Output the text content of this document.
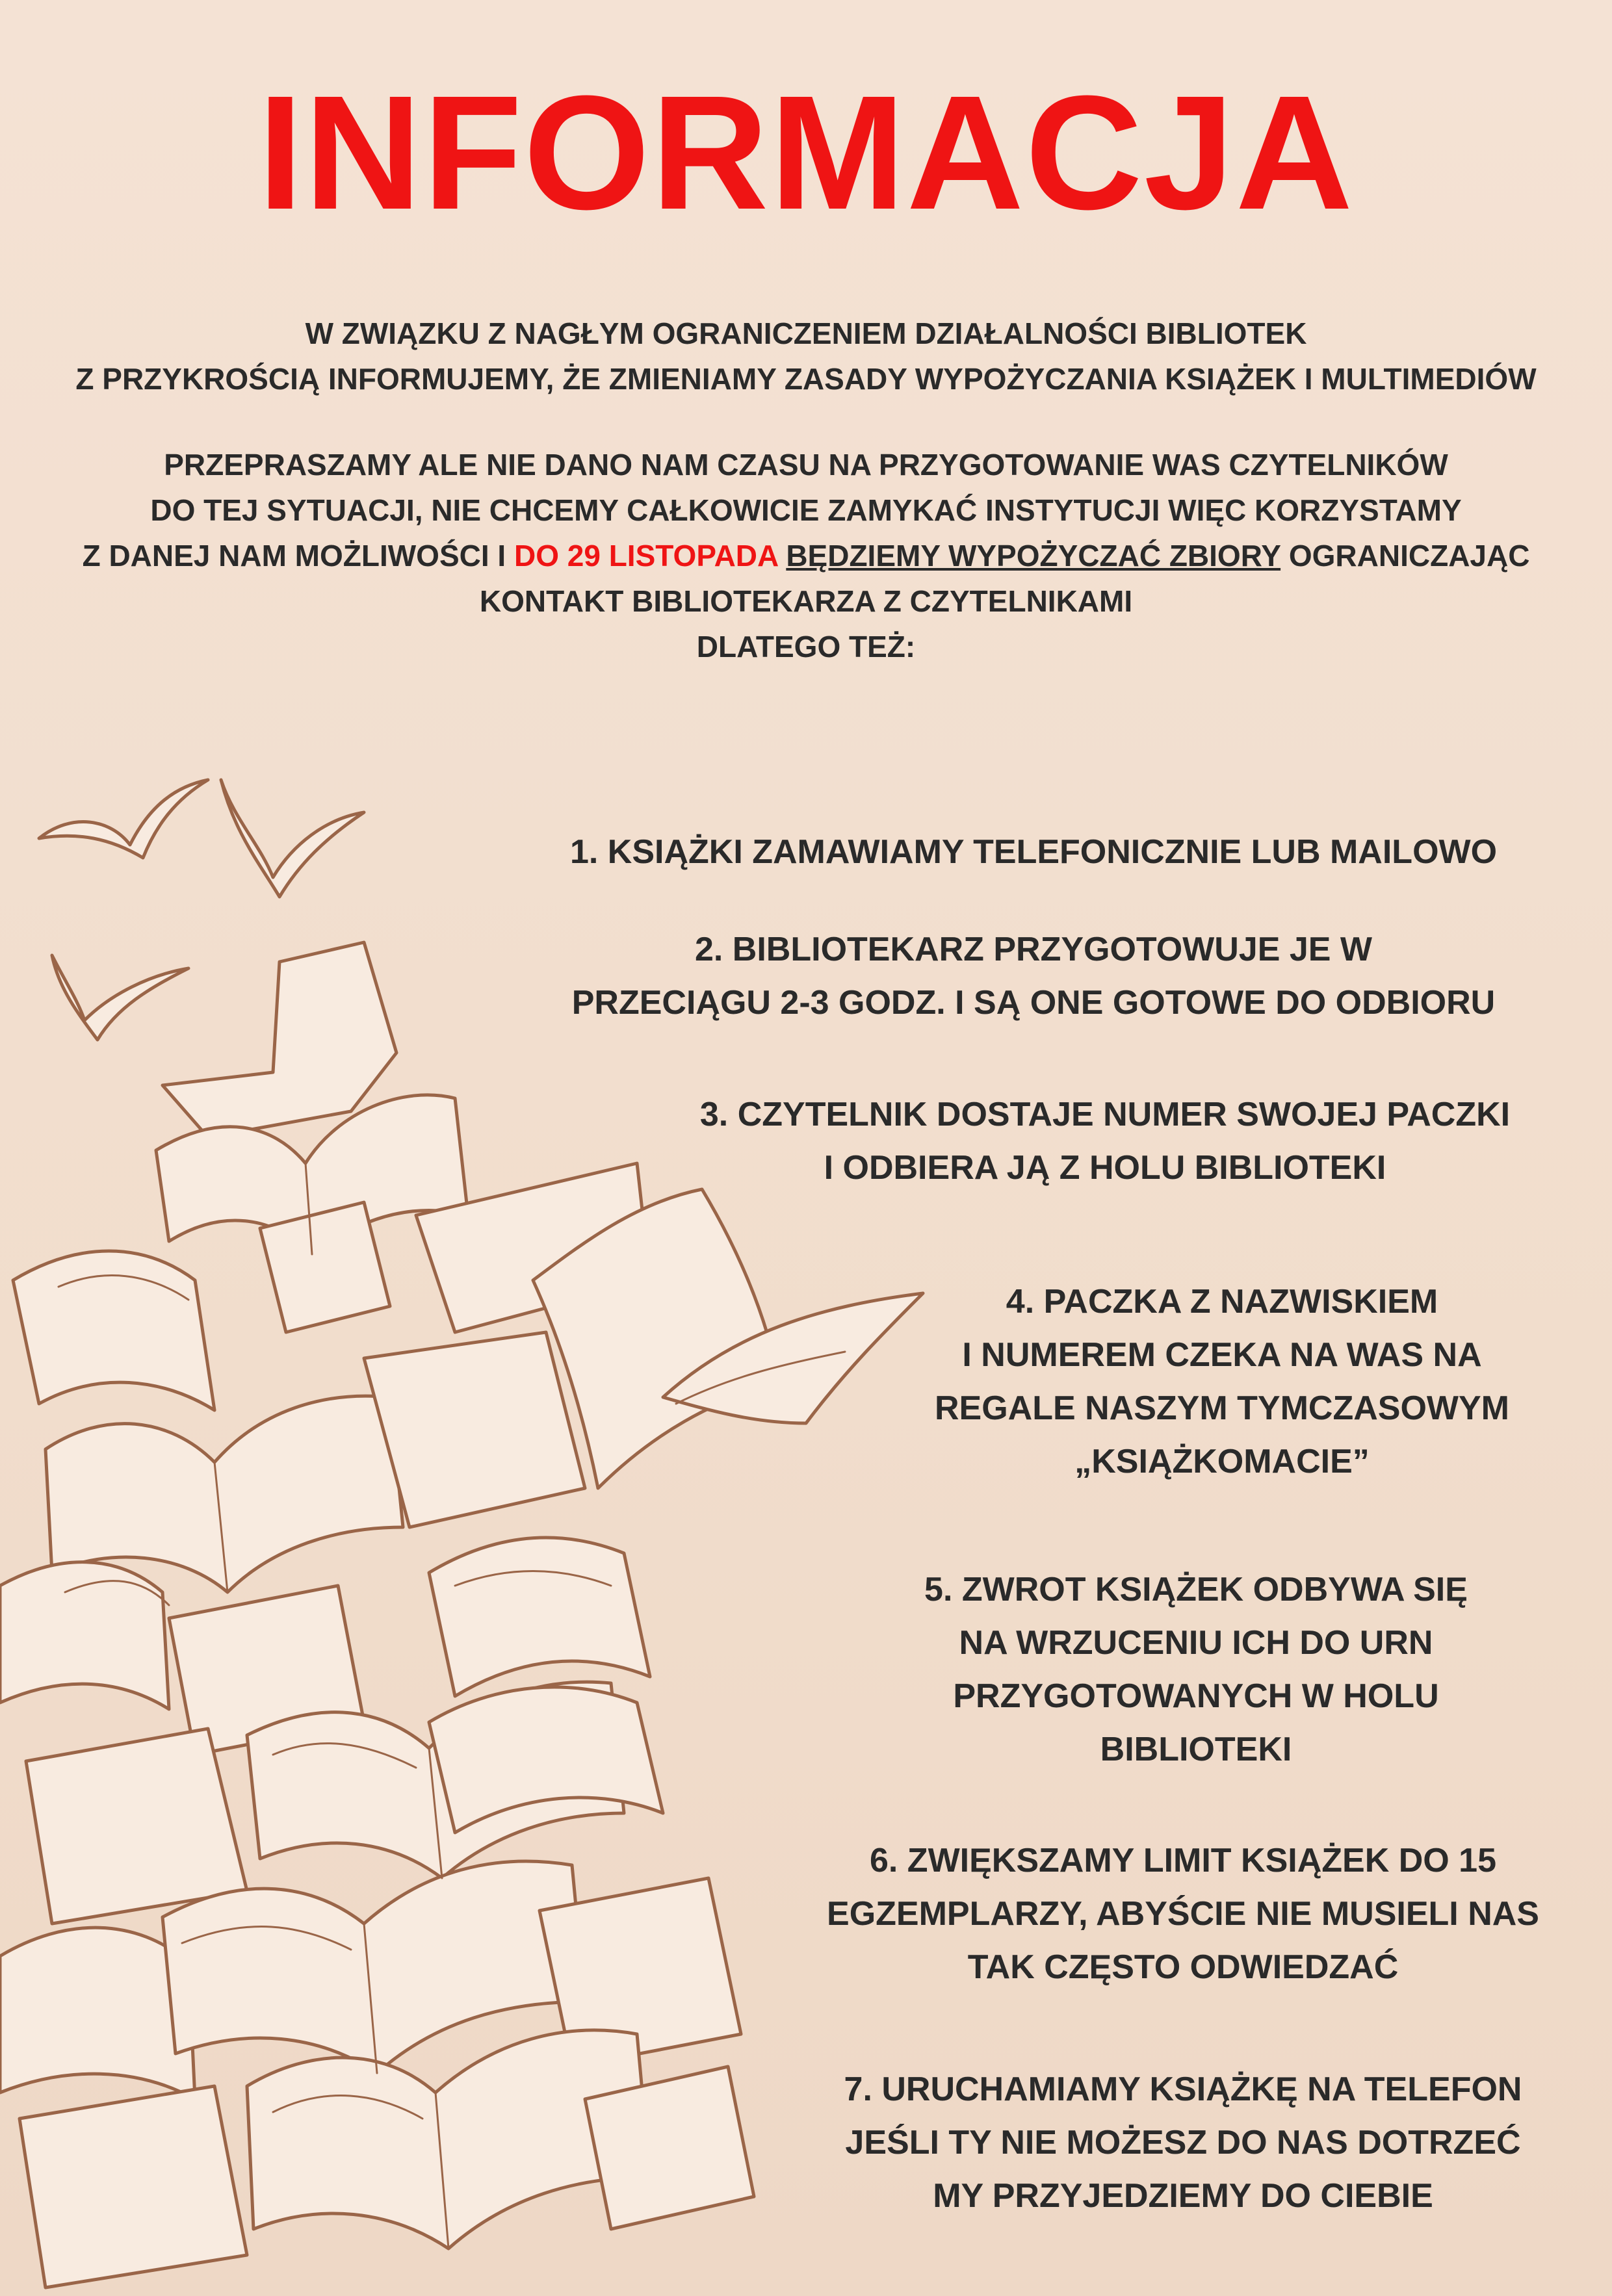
INFORMACJA

W ZWIĄZKU Z NAGŁYM OGRANICZENIEM DZIAŁALNOŚCI BIBLIOTEK

Z PRZYKROŚCIĄ INFORMUJEMY, ŻE ZMIENIAMY ZASADY WYPOŻYCZANIA KSIĄŻEK I MULTIMEDIÓW

PRZEPRASZAMY ALE NIE DANO NAM CZASU NA PRZYGOTOWANIE WAS CZYTELNIKÓW

DO TEJ SYTUACJI, NIE CHCEMY CAŁKOWICIE ZAMYKAĆ INSTYTUCJI WIĘC KORZYSTAMY

Z DANEJ NAM MOŻLIWOŚCI I DO 29 LISTOPADA BĘDZIEMY WYPOŻYCZAĆ ZBIORY OGRANICZAJĄC

KONTAKT BIBLIOTEKARZA Z CZYTELNIKAMI

DLATEGO TEŻ:

1. KSIĄŻKI ZAMAWIAMY TELEFONICZNIE LUB MAILOWO
2. BIBLIOTEKARZ PRZYGOTOWUJE JE W
PRZECIĄGU 2-3 GODZ. I SĄ ONE GOTOWE DO ODBIORU
3. CZYTELNIK DOSTAJE NUMER SWOJEJ PACZKI
I ODBIERA JĄ Z HOLU BIBLIOTEKI
4. PACZKA Z NAZWISKIEM
I NUMEREM CZEKA NA WAS NA
REGALE NASZYM TYMCZASOWYM
„KSIĄŻKOMACIE”
5. ZWROT KSIĄŻEK ODBYWA SIĘ
NA WRZUCENIU ICH DO URN
PRZYGOTOWANYCH W HOLU
BIBLIOTEKI
6. ZWIĘKSZAMY LIMIT KSIĄŻEK DO 15
EGZEMPLARZY, ABYŚCIE NIE MUSIELI NAS
TAK CZĘSTO ODWIEDZAĆ
7. URUCHAMIAMY KSIĄŻKĘ NA TELEFON
JEŚLI TY NIE MOŻESZ DO NAS DOTRZEĆ
MY PRZYJEDZIEMY DO CIEBIE
